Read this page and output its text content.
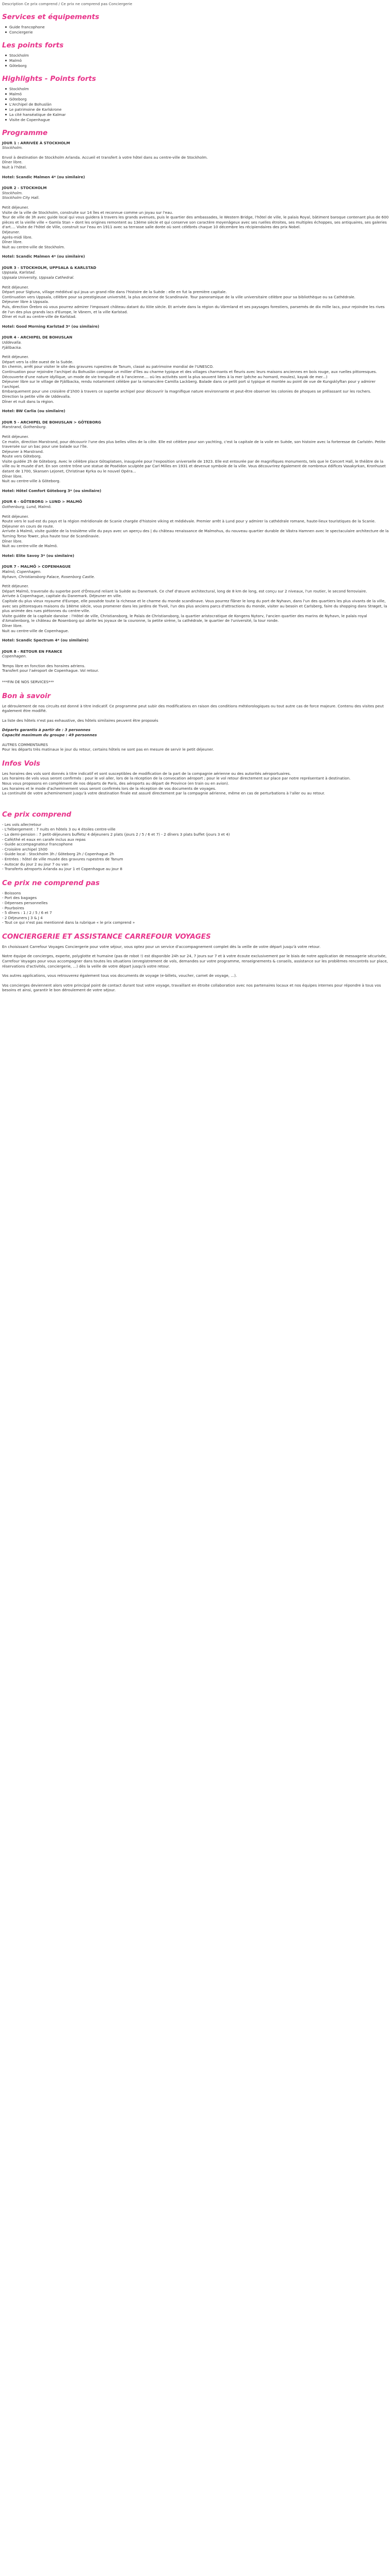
Description Ce prix comprend / Ce prix ne comprend pas Conciergerie

Services et équipements
Guide francophone
Conciergerie
Les points forts
Stockholm
Malmö
Göteborg
Highlights - Points forts
Stockholm
Malmö
Göteborg
L'Archipel de Bohuslän
Le patrimoine de Karlskrone
La cité hanséatique de Kalmar
Visite de Copenhague
Programme

JOUR 1 : ARRIVÉE À STOCKHOLM

Stockholm.

Envol à destination de Stockholm Arlanda. Accueil et transfert à votre hôtel dans au centre-ville de Stockholm.

Dîner libre.

Nuit à l'hôtel.

Hotel: Scandic Malmen 4* (ou similaire)

JOUR 2 - STOCKHOLM

Stockholm.
Stockholm City Hall.

Petit déjeuner.

Visite de la ville de Stockholm, construite sur 14 îles et reconnue comme un joyau sur l'eau.

Tour de ville de 3h avec guide local qui vous guidera à travers les grands avenues, puis le quartier des ambassades, le Western Bridge, l'hôtel de ville, le palais Royal, bâtiment baroque contenant plus de 600 pièces et la vieille ville « Gamla Stan » dont les origines remontent au 13ème siècle et qui conserve son caractère moyenâgeux avec ses ruelles étroites, ses multiples échoppes, ses antiquaires, ses galeries d'art.... Visite de l'hôtel de Ville, construit sur l'eau en 1911 avec sa terrasse salle dorée où sont célébrés chaque 10 décembre les récipiendaires des prix Nobel.

Déjeuner.

Après-midi libre.

Dîner libre.

Nuit au centre-ville de Stockholm.

Hotel: Scandic Malmen 4* (ou similaire)

JOUR 3 - STOCKHOLM, UPPSALA & KARLSTAD

Uppsala, Karlstad.
Uppsala University, Uppsala Cathedral.

Petit déjeuner.

Départ pour Sigtuna, village médiéval qui joua un grand rôle dans l'histoire de la Suède : elle en fut la première capitale.

Continuation vers Uppsala, célèbre pour sa prestigieuse université, la plus ancienne de Scandinavie. Tour panoramique de la ville universitaire célèbre pour sa bibliothèque ou sa Cathédrale.

Déjeuner libre à Uppsala.

Puis, direction Örebro où vous pourrez admirer l'imposant château datant du XIIIe siècle. Et arrivée dans la région du Värmland et ses paysages forestiers, parsemés de dix mille lacs, pour rejoindre les rives de l'un des plus grands lacs d'Europe, le Vänern, et la ville Karlstad.

Dîner et nuit au centre-ville de Karlstad.

Hotel: Good Morning Karlstad 3* (ou similaire)

JOUR 4 - ARCHIPEL DE BOHUSLAN

Uddevalla.
Fjällbacka.

Petit déjeuner.

Départ vers la côte ouest de la Suède.

En chemin, arrêt pour visiter le site des gravures rupestres de Tanum, classé au patrimoine mondial de l'UNESCO.

Continuation pour rejoindre l'archipel du Bohuslän composé un millier d'îles au charme typique et des villages charmants et fleuris avec leurs maisons anciennes en bois rouge, aux ruelles pittoresques. Découverte d'une nature idyllique, un mode de vie tranquille et à l'ancienne.... où les activités sont la plus souvent liées à la mer (pêche au homard, moules), kayak de mer...)

Déjeuner libre sur le village de Fjällbacka, rendu notamment célèbre par la romancière Camilla Lackberg. Balade dans ce petit port si typique et montée au point de vue de Kungsklyftan pour y admirer l'archipel.

Embarquement pour une croisière d'1h00 à travers ce superbe archipel pour découvrir la magnifique nature environnante et peut-être observer les colonies de phoques se prélassant sur les rochers.

Direction la petite ville de Uddevalla.

Dîner et nuit dans la région.

Hotel: BW Carlia (ou similaire)

JOUR 5 - ARCHIPEL DE BOHUSLAN > GÖTEBORG

Marstrand, Gothenburg.

Petit déjeuner.

Ce matin, direction Marstrand, pour découvrir l'une des plus belles villes de la côte. Elle est célèbre pour son yachting, c'est la capitale de la voile en Suède, son histoire avec la forteresse de Carlstén. Petite traversée sur un bac pour une balade sur l'île.

Déjeuner à Marstrand.

Route vers Göteborg.

Visite guidée 2h de Göteborg. Avec le célèbre place Götaplatsen, inaugurée pour l'exposition universelle de 1923. Elle est entourée par de magnifiques monuments, tels que le Concert Hall, le théâtre de la ville ou le musée d'art. En son centre trône une statue de Poséidon sculptée par Carl Milles en 1931 et devenue symbole de la ville. Vous découvrirez également de nombreux édifices Vasakyrkan, Kronhuset datant de 1700, Skansen Lejonet, Christinae Kyrka ou le nouvel Opéra...

Dîner libre.

Nuit au centre-ville à Göteborg.

Hotel: Hôtel Comfort Göteborg 3* (ou similaire)

JOUR 6 - GÖTEBORG > LUND > MALMÖ

Gothenburg, Lund, Malmö.

Petit déjeuner.

Route vers le sud-est du pays et la région méridionale de Scanie chargée d'histoire viking et médiévale. Premier arrêt à Lund pour y admirer la cathédrale romane, haute-lieux touristiques de la Scanie.

Déjeuner en cours de route.

Arrivée à Malmö, visite guidée de la troisième ville du pays avec un aperçu des | du château renaissance de Malmohus, du nouveau quartier durable de Västra Hamnen avec le spectaculaire architecture de la Turning Torso Tower, plus haute tour de Scandinavie.

Dîner libre.

Nuit au centre-ville de Malmö.

Hotel: Elite Savoy 3* (ou similaire)

JOUR 7 - MALMÖ > COPENHAGUE

Malmö, Copenhagen.
Nyhavn, Christiansborg Palace, Rosenborg Castle.

Petit déjeuner.

Départ Malmö, traversée du superbe pont d'Öresund reliant la Suède au Danemark. Ce chef d'œuvre architectural, long de 8 km de long, est conçu sur 2 niveaux, l'un routier, le second ferroviaire.

Arrivée à Copenhague, capitale du Danemark. Déjeuner en ville.

Capitale du plus vieux royaume d'Europe, elle possède toute la richesse et le charme du monde scandinave. Vous pourrez flâner le long du port de Nyhavn, dans l'un des quartiers les plus vivants de la ville, avec ses pittoresques maisons du 18ème siècle, vous promener dans les jardins de Tivoli, l'un des plus anciens parcs d'attractions du monde, visiter au besoin et Carlsberg, faire du shopping dans Strøget, la plus animée des rues piétonnes du centre-ville.

Visite guidée de la capitale danoise : l'Hôtel de ville, Christiansborg, le Palais de Christiansborg, la quartier aristocratique de Kongens Nytorv, l'ancien quartier des marins de Nyhavn, le palais royal d'Amalienborg, le château de Rosenborg qui abrite les joyaux de la couronne, la petite sirène, la cathédrale, le quartier de l'université, la tour ronde.

Dîner libre.

Nuit au centre-ville de Copenhague.

Hotel: Scandic Spectrum 4* (ou similaire)

JOUR 8 - RETOUR EN FRANCE

Copenhagen.

Temps libre en fonction des horaires aériens.

Transfert pour l'aéroport de Copenhague. Vol retour.

***FIN DE NOS SERVICES***

Bon à savoir

Le déroulement de nos circuits est donné à titre indicatif. Ce programme peut subir des modifications en raison des conditions météorologiques ou tout autre cas de force majeure. Contenu des visites peut également être modifié.

La liste des hôtels n'est pas exhaustive, des hôtels similaires peuvent être proposés

Départs garantis à partir de : 3 personnes

Capacité maximum du groupe : 49 personnes

AUTRES COMMENTAIRES

Pour les départs très matinaux le jour du retour, certains hôtels ne sont pas en mesure de servir le petit déjeuner.

Infos Vols

Les horaires des vols sont donnés à titre indicatif et sont susceptibles de modification de la part de la compagnie aérienne ou des autorités aéroportuaires.

Les horaires de vols vous seront confirmés : pour le vol aller, lors de la réception de la convocation aéroport ; pour le vol retour directement sur place par notre représentant à destination.

Nous vous proposons en complément de nos départs de Paris, des aéroports au départ de Province (en train ou en avion).

Les horaires et le mode d'acheminement vous seront confirmés lors de la réception de vos documents de voyages.

La continuité de votre acheminement jusqu'à votre destination finale est assuré directement par la compagnie aérienne, même en cas de perturbations à l'aller ou au retour.

Ce prix comprend

- Les vols aller/retour

- L'hébergement : 7 nuits en hôtels 3 ou 4 étoiles centre-ville

- La demi-pension : 7 petit-déjeuners buffets/ 4 déjeuners 2 plats (jours 2 / 5 / 6 et 7) - 2 dîners 3 plats buffet (jours 3 et 4)

- Café/thé et eaux en carafe inclus aux repas

- Guide accompagnateur francophone

- Croisière archipel 1h00

- Guide local : Stockholm 3h / Göteborg 2h / Copenhague 2h

- Entrées : hôtel de ville musée des gravures rupestres de Tanum

- Autocar du jour 2 au jour 7 ou van

- Transferts aéroports Arlanda au jour 1 et Copenhague au jour 8

Ce prix ne comprend pas

- Boissons

- Port des bagages

- Dépenses personnelles

- Pourboires

- 5 dîners : 1 / 2 / 5 / 6 et 7

- 2 Déjeuners J 3 & J 4

- Tout ce qui n'est pas mentionné dans la rubrique « le prix comprend »

CONCIERGERIE ET ASSISTANCE CARREFOUR VOYAGES

En choisissant Carrefour Voyages Conciergerie pour votre séjour, vous optez pour un service d'accompagnement complet dès la veille de votre départ jusqu'à votre retour.

Notre équipe de concierges, experte, polyglotte et humaine (pas de robot !) est disponible 24h sur 24, 7 jours sur 7 et à votre écoute exclusivement par le biais de notre application de messagerie sécurisée, Carrefour Voyages pour vous accompagner dans toutes les situations (enregistrement de vols, demandes sur votre programme, renseignements & conseils, assistance sur les problèmes rencontrés sur place, réservations d'activités, conciergerie, ...) dès la veille de votre départ jusqu'à votre retour.

Vos autres applications, vous retrouverez également tous vos documents de voyage (e-billets, voucher, carnet de voyage, ...).

Vos concierges deviennent alors votre principal point de contact durant tout votre voyage, travaillant en étroite collaboration avec nos partenaires locaux et nos équipes internes pour répondre à tous vos besoins et ainsi, garantir le bon déroulement de votre séjour.
